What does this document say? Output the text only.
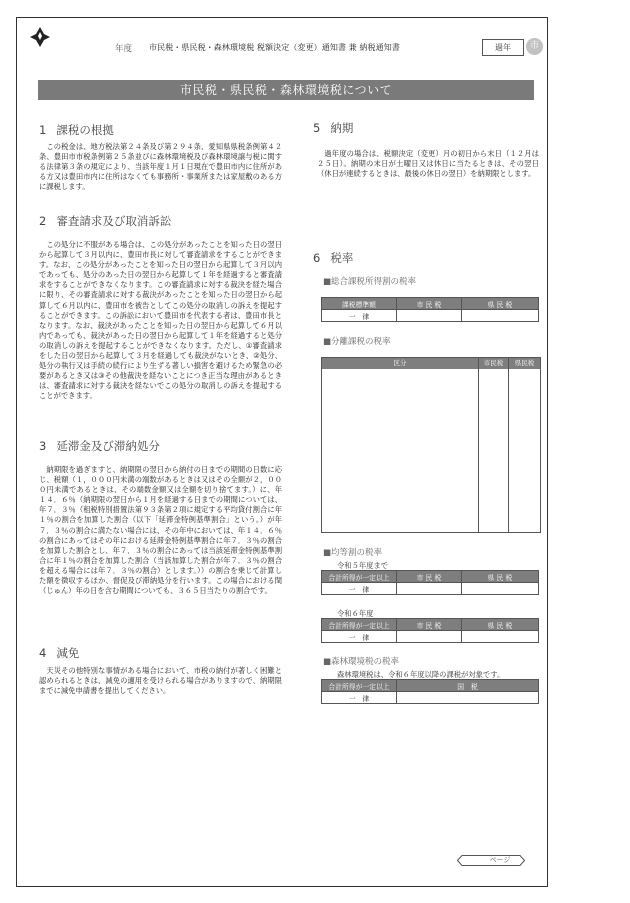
年度 市民税・県民税・森林環境税 税額決定（変更）通知書 兼 納税通知書	過年	市
市民税・県民税・森林環境税について
1 課税の根拠
　この税金は、地方税法第２４条及び第２９４条、愛知県県税条例第４２条、豊田市市税条例第２５条並びに森林環境税及び森林環境譲与税に関する法律第３条の規定により、当該年度１月１日現在で豊田市内に住所がある方又は豊田市内に住所はなくても事務所・事業所または家屋敷のある方に課税します。
2 審査請求及び取消訴訟
　この処分に不服がある場合は、この処分があったことを知った日の翌日から起算して３月以内に、豊田市長に対して審査請求をすることができます。なお、この処分があったことを知った日の翌日から起算して３月以内であっても、処分のあった日の翌日から起算して１年を経過すると審査請求をすることができなくなります。この審査請求に対する裁決を経た場合に限り、その審査請求に対する裁決があったことを知った日の翌日から起算して６月以内に、豊田市を被告としてこの処分の取消しの訴えを提起することができます。この訴訟において豊田市を代表する者は、豊田市長となります。なお、裁決があったことを知った日の翌日から起算して６月以内であっても、裁決があった日の翌日から起算して１年を経過すると処分の取消しの訴えを提起することができなくなります。ただし、①審査請求をした日の翌日から起算して３月を経過しても裁決がないとき、②処分、処分の執行又は手続の続行により生ずる著しい損害を避けるため緊急の必要があるとき又は③その他裁決を経ないことにつき正当な理由があるときは、審査請求に対する裁決を経ないでこの処分の取消しの訴えを提起することができます。
3 延滞金及び滞納処分
　納期限を過ぎますと、納期限の翌日から納付の日までの期間の日数に応じ、税額（１，０００円未満の端数があるときは又はその全額が２，０００円未満であるときは、その端数金額又は全額を切り捨てます。）に、年１４．６％（納期限の翌日から１月を経過する日までの期間については、年７．３％（租税特別措置法第９３条第２項に規定する平均貸付割合に年１％の割合を加算した割合（以下「延滞金特例基準割合」という。）が年７．３％の割合に満たない場合には、その年中においては、年１４．６％の割合にあってはその年における延滞金特例基準割合に年７．３％の割合を加算した割合とし、年７．３％の割合にあっては当該延滞金特例基準割合に年１％の割合を加算した割合（当該加算した割合が年７．３％の割合を超える場合には年７．３％の割合）とします。））の割合を乗じて計算した額を徴収するほか、督促及び滞納処分を行います。この場合における閏（じゅん）年の日を含む期間についても、３６５日当たりの割合です。
4 減免
　天災その他特別な事情がある場合において、市税の納付が著しく困難と認められるときは、減免の適用を受けられる場合がありますので、納期限までに減免申請書を提出してください。
5 納期
　過年度の場合は、税額決定（変更）月の初日から末日（１２月は２５日）。納期の末日が土曜日又は休日に当たるときは、その翌日（休日が連続するときは、最後の休日の翌日）を納期限とします。
6 税率
■総合課税所得割の税率
課税標準額	市 民 税	県 民 税
一　律		
■分離課税の税率
区分	市民税	県民税
■均等割の税率
令和５年度まで
合計所得が一定以上	市 民 税	県 民 税
一　律		
令和６年度
合計所得が一定以上	市 民 税	県 民 税
一　律		
■森林環境税の税率
森林環境税は、令和６年度以降の課税が対象です。
合計所得が一定以上	国　税
一　律	
ページ
